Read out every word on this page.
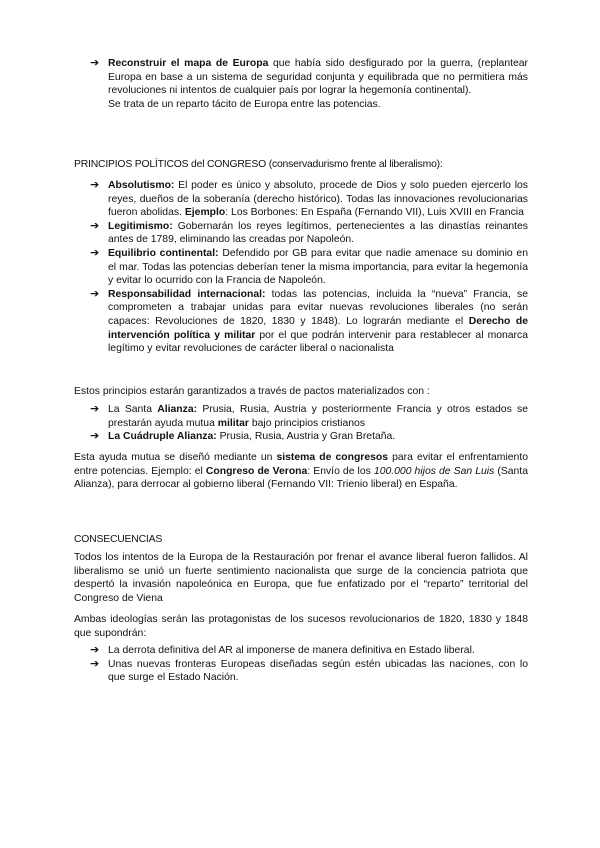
➔ Reconstruir el mapa de Europa que había sido desfigurado por la guerra, (replantear Europa en base a un sistema de seguridad conjunta y equilibrada que no permitiera más revoluciones ni intentos de cualquier país por lograr la hegemonía continental).

Se trata de un reparto tácito de Europa entre las potencias.

PRINCIPIOS POLÍTICOS del CONGRESO (conservadurismo frente al liberalismo):
➔ Absolutismo: El poder es único y absoluto, procede de Dios y solo pueden ejercerlo los reyes, dueños de la soberanía (derecho histórico). Todas las innovaciones revolucionarias fueron abolidas. Ejemplo: Los Borbones: En España (Fernando VII), Luis XVIII en Francia
➔ Legitimismo: Gobernarán los reyes legítimos, pertenecientes a las dinastías reinantes antes de 1789, eliminando las creadas por Napoleón.
➔ Equilibrio continental: Defendido por GB para evitar que nadie amenace su dominio en el mar. Todas las potencias deberían tener la misma importancia, para evitar la hegemonía y evitar lo ocurrido con la Francia de Napoleón.
➔ Responsabilidad internacional: todas las potencias, incluida la “nueva” Francia, se comprometen a trabajar unidas para evitar nuevas revoluciones liberales (no serán capaces: Revoluciones de 1820, 1830 y 1848). Lo lograrán mediante el Derecho de intervención política y militar por el que podrán intervenir para restablecer al monarca legítimo y evitar revoluciones de carácter liberal o nacionalista
Estos principios estarán garantizados a través de pactos materializados con :
➔ La Santa Alianza: Prusia, Rusia, Austria y posteriormente Francia y otros estados se prestarán ayuda mutua militar bajo principios cristianos
➔ La Cuádruple Alianza: Prusia, Rusia, Austria y Gran Bretaña.
Esta ayuda mutua se diseñó mediante un sistema de congresos para evitar el enfrentamiento entre potencias. Ejemplo: el Congreso de Verona: Envío de los 100.000 hijos de San Luis (Santa Alianza), para derrocar al gobierno liberal (Fernando VII: Trienio liberal) en España.
CONSECUENCIAS
Todos los intentos de la Europa de la Restauración por frenar el avance liberal fueron fallidos. Al liberalismo se unió un fuerte sentimiento nacionalista que surge de la conciencia patriota que despertó la invasión napoleónica en Europa, que fue enfatizado por el “reparto” territorial del Congreso de Viena
Ambas ideologías serán las protagonistas de los sucesos revolucionarios de 1820, 1830 y 1848 que supondrán:
➔ La derrota definitiva del AR al imponerse de manera definitiva en Estado liberal.
➔ Unas nuevas fronteras Europeas diseñadas según estén ubicadas las naciones, con lo que surge el Estado Nación.
